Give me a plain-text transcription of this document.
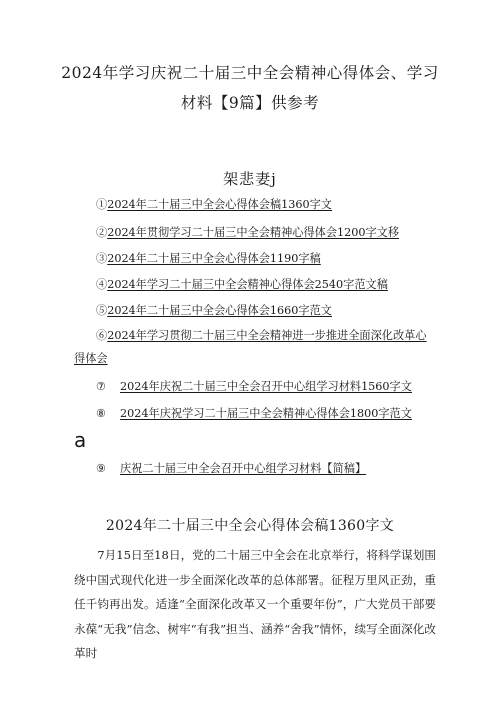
2024年学习庆祝二十届三中全会精神心得体会、学习
材料【9篇】供参考
架悲妻j
①2024年二十届三中全会心得体会稿1360字文
②2024年贯彻学习二十届三中全会精神心得体会1200字文移
③2024年二十届三中全会心得体会1190字稿
④2024年学习二十届三中全会精神心得体会2540字范文稿
⑤2024年二十届三中全会心得体会1660字范文
⑥2024年学习贯彻二十届三中全会精神进一步推进全面深化改革心
得体会
⑦ 2024年庆祝二十届三中全会召开中心组学习材料1560字文
⑧ 2024年庆祝学习二十届三中全会精神心得体会1800字范文
a
⑨ 庆祝二十届三中全会召开中心组学习材料【简稿】
2024年二十届三中全会心得体会稿1360字文
7月15日至18日，党的二十届三中全会在北京举行，将科学谋划围绕中国式现代化进一步全面深化改革的总体部署。征程万里风正劲，重任千钧再出发。适逢“全面深化改革又一个重要年份”，广大党员干部要永葆“无我”信念、树牢“有我”担当、涵养“舍我”情怀，续写全面深化改革时
